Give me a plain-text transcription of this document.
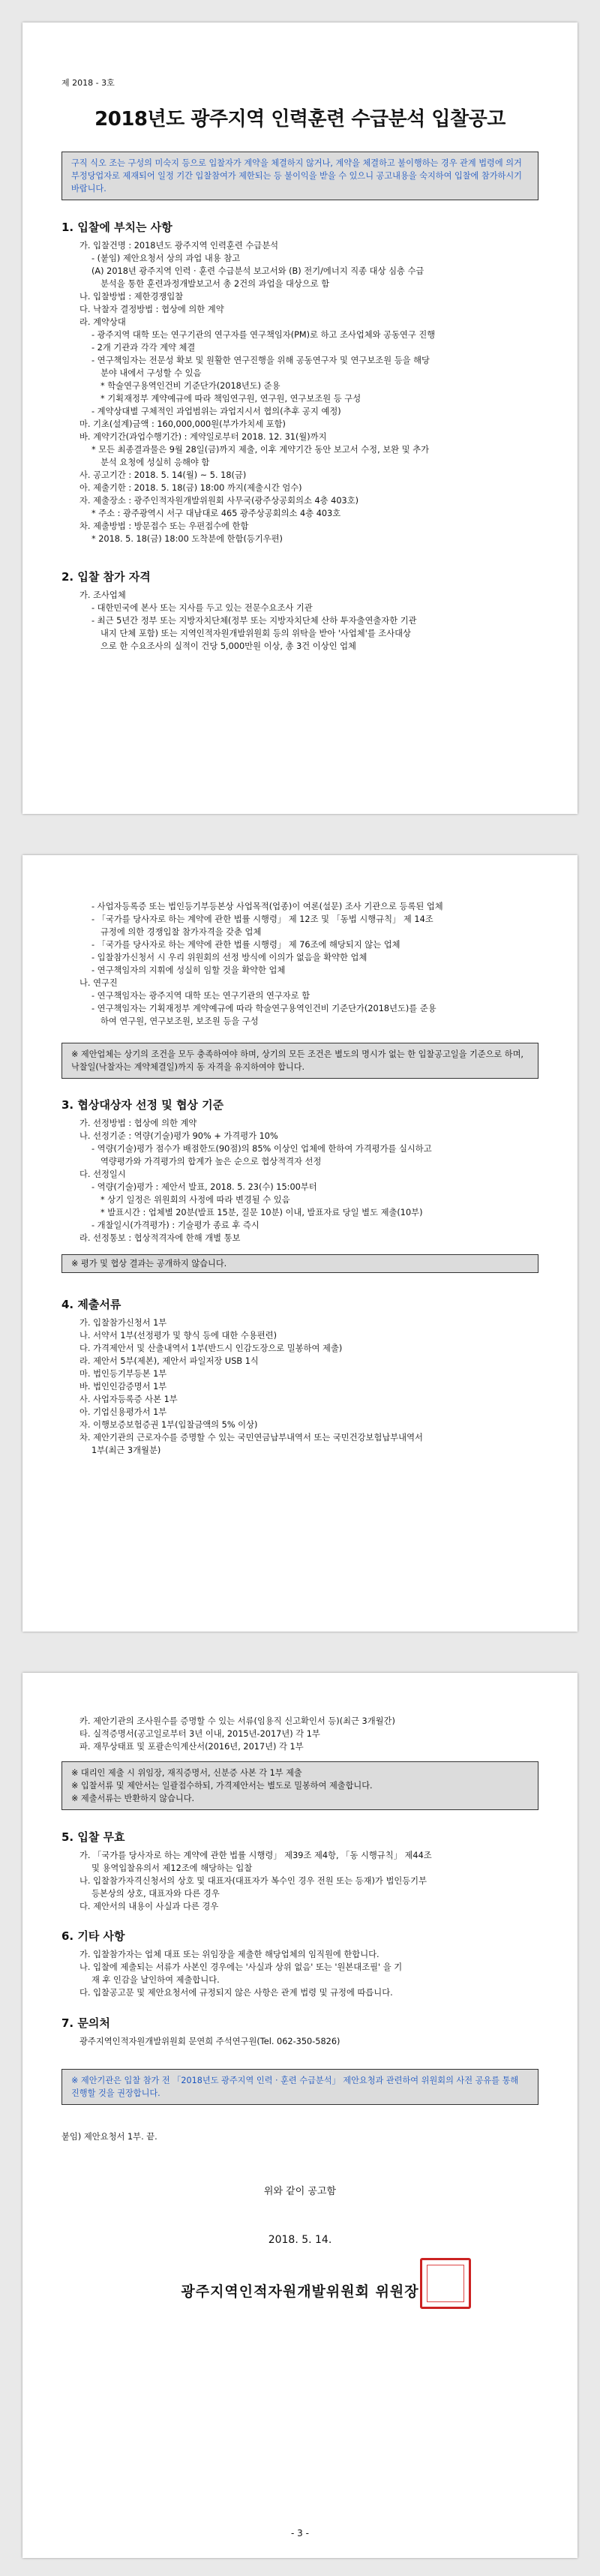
제 2018 - 3호
2018년도 광주지역 인력훈련 수급분석 입찰공고
구직 식오 조는 구성의 미숙지 등으로 입찰자가 계약을 체결하지 않거나, 계약을 체결하고 불이행하는 경우 관계 법령에 의거 부정당업자로 제재되어 일정 기간 입찰참여가 제한되는 등 불이익을 받을 수 있으니 공고내용을 숙지하여 입찰에 참가하시기 바랍니다.

1. 입찰에 부치는 사항

가. 입찰건명 : 2018년도 광주지역 인력훈련 수급분석

- (붙임) 제안요청서 상의 과업 내용 참고

(A) 2018년 광주지역 인력 · 훈련 수급분석 보고서와 (B) 전기/에너지 직종 대상 심층 수급

분석을 통한 훈련과정개발보고서 총 2건의 과업을 대상으로 함

나. 입찰방법 : 제한경쟁입찰

다. 낙찰자 결정방법 : 협상에 의한 계약

라. 계약상대

- 광주지역 대학 또는 연구기관의 연구자를 연구책임자(PM)로 하고 조사업체와 공동연구 진행

- 2개 기관과 각각 계약 체결

- 연구책임자는 전문성 확보 및 원활한 연구진행을 위해 공동연구자 및 연구보조원 등을 해당

분야 내에서 구성할 수 있음

* 학술연구용역인건비 기준단가(2018년도) 준용

* 기획재정부 계약예규에 따라 책임연구원, 연구원, 연구보조원 등 구성

- 계약상대별 구체적인 과업범위는 과업지시서 협의(추후 공지 예정)

마. 기초(설계)금액 : 160,000,000원(부가가치세 포함)

바. 계약기간(과업수행기간) : 계약일로부터 2018. 12. 31(월)까지

* 모든 최종결과물은 9월 28일(금)까지 제출, 이후 계약기간 동안 보고서 수정, 보완 및 추가

분석 요청에 성실히 응해야 함

사. 공고기간 : 2018. 5. 14(월) ~ 5. 18(금)

아. 제출기한 : 2018. 5. 18(금) 18:00 까지(제출시간 엄수)

자. 제출장소 : 광주인적자원개발위원회 사무국(광주상공회의소 4층 403호)

* 주소 : 광주광역시 서구 대남대로 465 광주상공회의소 4층 403호

차. 제출방법 : 방문접수 또는 우편접수에 한함

* 2018. 5. 18(금) 18:00 도착분에 한함(등기우편)

2. 입찰 참가 자격

가. 조사업체

- 대한민국에 본사 또는 지사를 두고 있는 전문수요조사 기관

- 최근 5년간 정부 또는 지방자치단체(정부 또는 지방자치단체 산하 투자출연출자한 기관

내지 단체 포함) 또는 지역인적자원개발위원회 등의 위탁을 받아 '사업체'를 조사대상

으로 한 수요조사의 실적이 건당 5,000만원 이상, 총 3건 이상인 업체

- 사업자등록증 또는 법인등기부등본상 사업목적(업종)이 여론(설문) 조사 기관으로 등록된 업체

- 「국가를 당사자로 하는 계약에 관한 법률 시행령」 제 12조 및 「동법 시행규칙」 제 14조

규정에 의한 경쟁입찰 참가자격을 갖춘 업체

- 「국가를 당사자로 하는 계약에 관한 법률 시행령」 제 76조에 해당되지 않는 업체

- 입찰참가신청서 시 우리 위원회의 선정 방식에 이의가 없음을 확약한 업체

- 연구책임자의 지휘에 성실히 임할 것을 확약한 업체

나. 연구진

- 연구책임자는 광주지역 대학 또는 연구기관의 연구자로 함

- 연구책임자는 기획재정부 계약예규에 따라 학술연구용역인건비 기준단가(2018년도)를 준용

하여 연구원, 연구보조원, 보조원 등을 구성

※ 제안업체는 상기의 조건을 모두 충족하여야 하며, 상기의 모든 조건은 별도의 명시가 없는 한 입찰공고일을 기준으로 하며, 낙찰일(낙찰자는 계약체결일)까지 동 자격을 유지하여야 합니다.

3. 협상대상자 선정 및 협상 기준

가. 선정방법 : 협상에 의한 계약

나. 선정기준 : 역량(기술)평가 90% + 가격평가 10%

- 역량(기술)평가 점수가 배점한도(90점)의 85% 이상인 업체에 한하여 가격평가를 실시하고

역량평가와 가격평가의 합계가 높은 순으로 협상적격자 선정

다. 선정일시

- 역량(기술)평가 : 제안서 발표, 2018. 5. 23(수) 15:00부터

* 상기 일정은 위원회의 사정에 따라 변경될 수 있음

* 발표시간 : 업체별 20분(발표 15분, 질문 10분) 이내, 발표자료 당일 별도 제출(10부)

- 개찰일시(가격평가) : 기술평가 종료 후 즉시

라. 선정통보 : 협상적격자에 한해 개별 통보

※ 평가 및 협상 결과는 공개하지 않습니다.

4. 제출서류

가. 입찰참가신청서 1부

나. 서약서 1부(선정평가 및 향식 등에 대한 수용편련)

다. 가격제안서 및 산출내역서 1부(반드시 인감도장으로 밀봉하여 제출)

라. 제안서 5부(제본), 제안서 파일저장 USB 1식

마. 법인등기부등본 1부

바. 법인인감증명서 1부

사. 사업자등록증 사본 1부

아. 기업신용평가서 1부

자. 이행보증보험증권 1부(입찰금액의 5% 이상)

차. 제안기관의 근로자수를 증명할 수 있는 국민연금납부내역서 또는 국민건강보험납부내역서

1부(최근 3개월분)

카. 제안기관의 조사원수를 증명할 수 있는 서류(임용직 신고확인서 등)(최근 3개월간)

타. 실적증명서(공고일로부터 3년 이내, 2015년-2017년) 각 1부

파. 재무상태표 및 포괄손익계산서(2016년, 2017년) 각 1부

※ 대리인 제출 시 위임장, 재직증명서, 신분증 사본 각 1부 제출
※ 입찰서류 및 제안서는 일괄접수하되, 가격제안서는 별도로 밀봉하여 제출합니다.
※ 제출서류는 반환하지 않습니다.

5. 입찰 무효

가. 「국가를 당사자로 하는 계약에 관한 법률 시행령」 제39조 제4항, 「동 시행규칙」 제44조

및 용역입찰유의서 제12조에 해당하는 입찰

나. 입찰참가자격신청서의 상호 및 대표자(대표자가 복수인 경우 전원 또는 등재)가 법인등기부

등본상의 상호, 대표자와 다른 경우

다. 제안서의 내용이 사실과 다른 경우

6. 기타 사항

가. 입찰참가자는 업체 대표 또는 위임장을 제출한 해당업체의 임직원에 한합니다.

나. 입찰에 제출되는 서류가 사본인 경우에는 '사실과 상위 없음' 또는 '원본대조필' 을 기

재 후 인감을 날인하여 제출합니다.

다. 입찰공고문 및 제안요청서에 규정되지 않은 사항은 관계 법령 및 규정에 따릅니다.

7. 문의처

광주지역인적자원개발위원회 문연희 주석연구원(Tel. 062-350-5826)

※ 제안기관은 입찰 참가 전 「2018년도 광주지역 인력 · 훈련 수급분석」 제안요청과 관련하여 위원회의 사전 공유를 통해 진행할 것을 권장합니다.

붙임) 제안요청서 1부. 끝.

위와 같이 공고함
2018. 5. 14.
광주지역인적자원개발위원회 위원장
- 3 -
